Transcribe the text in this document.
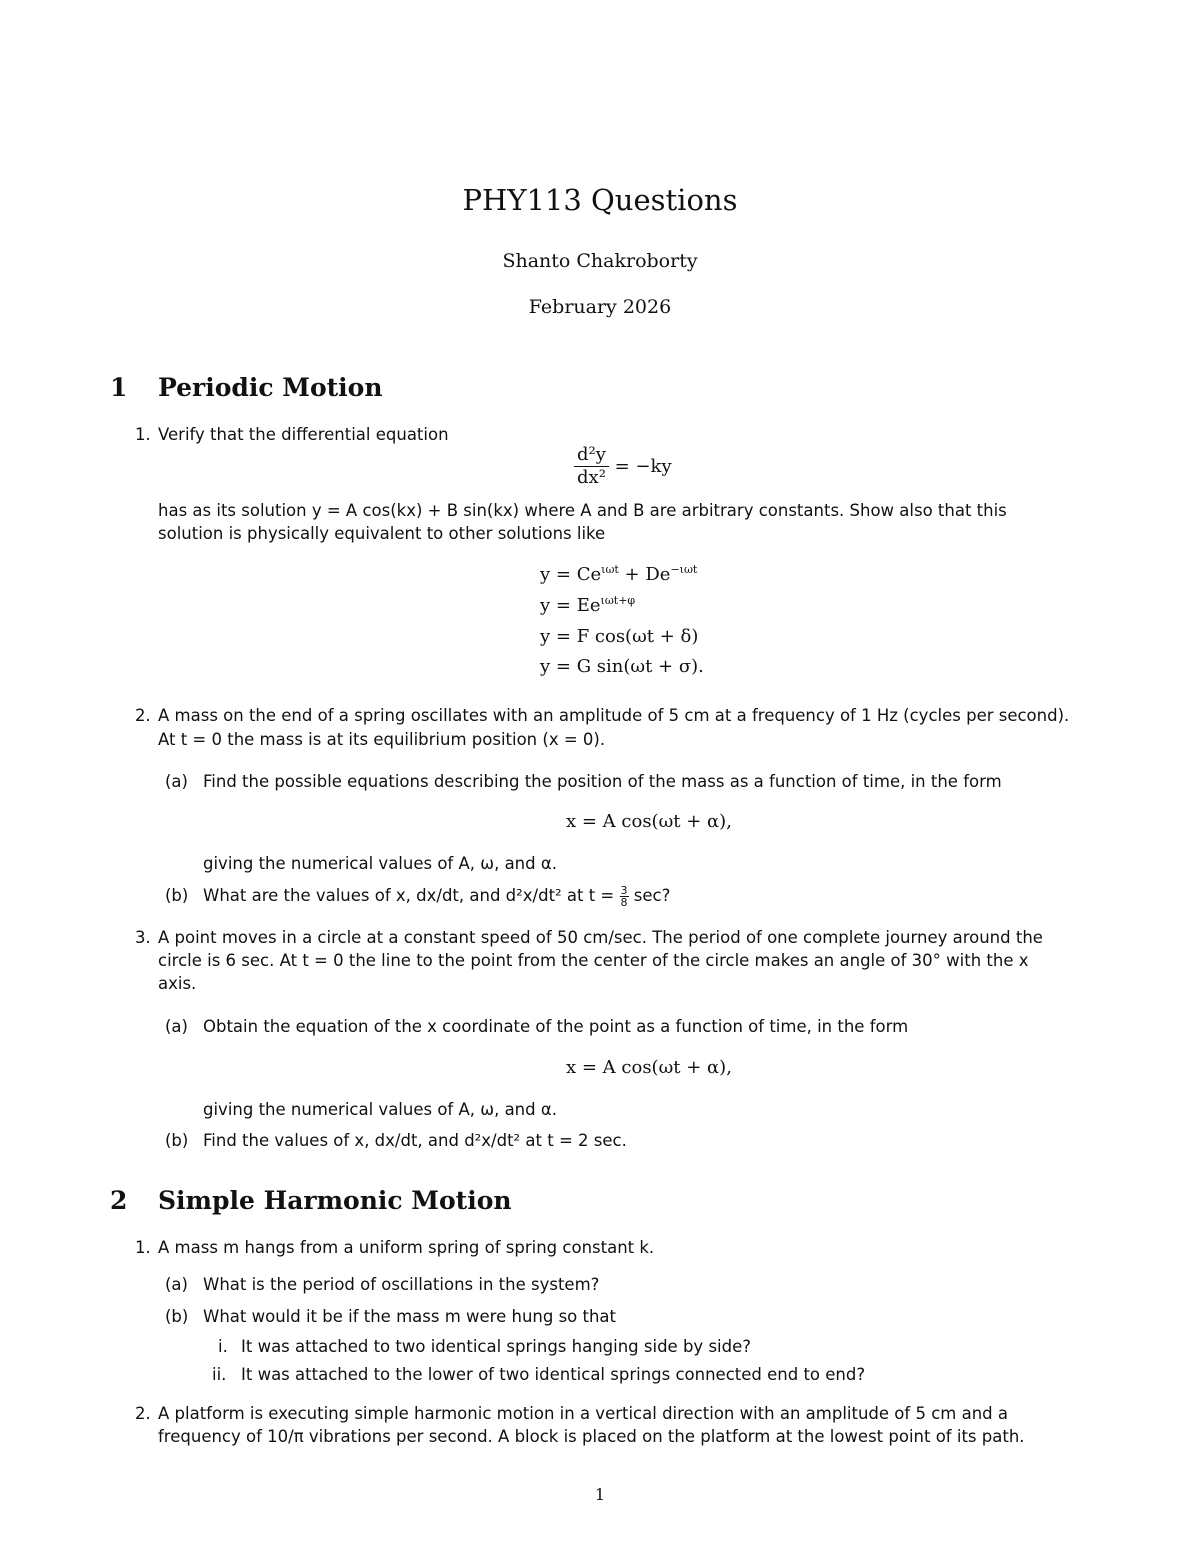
PHY113 Questions
Shanto Chakroborty
February 2026
1 Periodic Motion
1. Verify that the differential equation
$\frac{\text{d²y}}{\text{dx²}} = -ky$
has as its solution y = A cos(kx) + B sin(kx) where A and B are arbitrary constants. Show also that this
solution is physically equivalent to other solutions like
$y = Ce^{\iota\omega t} + De^{-\iota\omega t}$
$y = Ee^{\iota\omega t+\varphi}$
y = F cos(ωt + δ)
y = G sin(ωt + σ).
2. A mass on the end of a spring oscillates with an amplitude of 5 cm at a frequency of 1 Hz (cycles per second).
At t = 0 the mass is at its equilibrium position (x = 0).
(a) Find the possible equations describing the position of the mass as a function of time, in the form
x = A cos(ωt + α),
giving the numerical values of A, ω, and α.
(b) What are the values of x, dx/dt, and d²x/dt² at $t = \frac{3}{8} \sec$?
3. A point moves in a circle at a constant speed of 50 cm/sec. The period of one complete journey around the
circle is 6 sec. At t = 0 the line to the point from the center of the circle makes an angle of 30° with the x
axis.
(a) Obtain the equation of the x coordinate of the point as a function of time, in the form
x = A cos(ωt + α),
giving the numerical values of A, ω, and α.
(b) Find the values of x, dx/dt, and d²x/dt² at t = 2 sec.
2 Simple Harmonic Motion
1. A mass m hangs from a uniform spring of spring constant k.
(a) What is the period of oscillations in the system?
(b) What would it be if the mass m were hung so that
i. It was attached to two identical springs hanging side by side?
ii. It was attached to the lower of two identical springs connected end to end?
2. A platform is executing simple harmonic motion in a vertical direction with an amplitude of 5 cm and a
frequency of 10/π vibrations per second. A block is placed on the platform at the lowest point of its path.
1
